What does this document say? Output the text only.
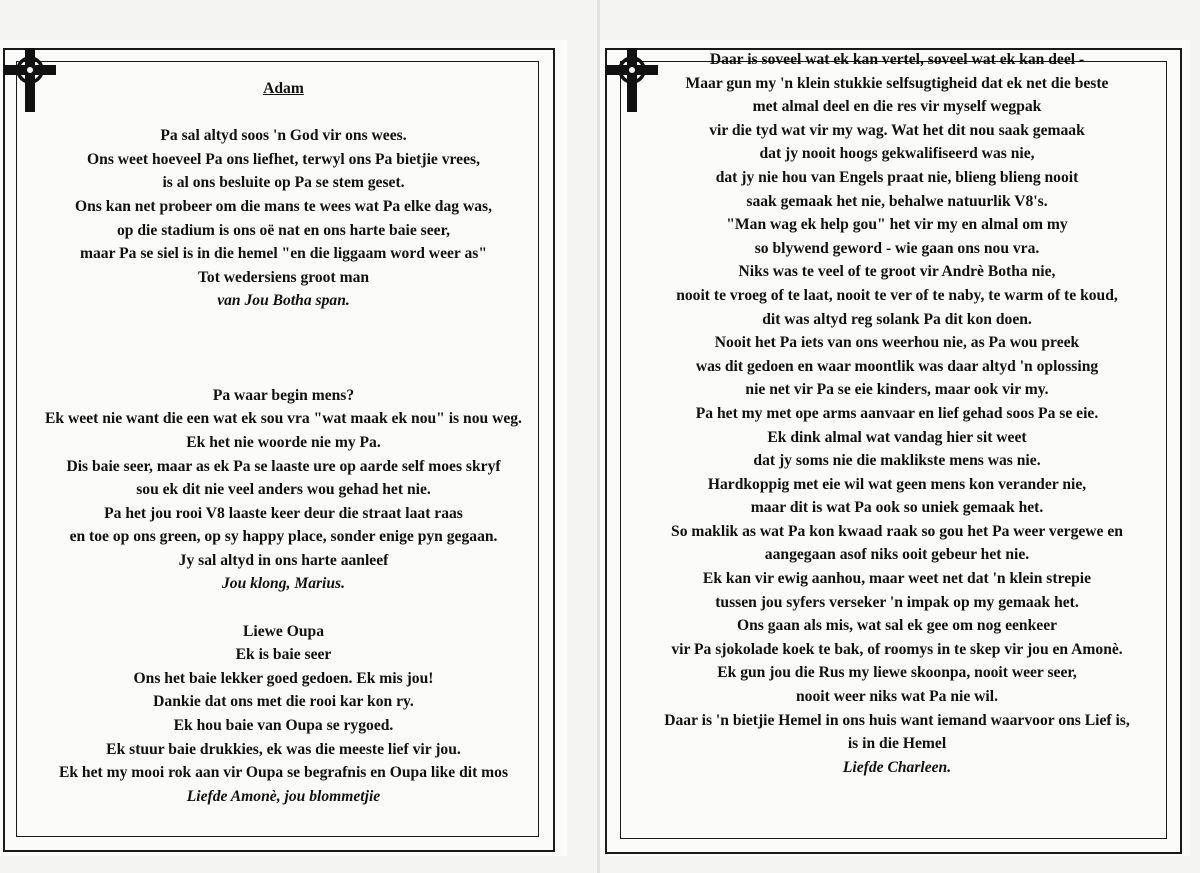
Adam
Pa sal altyd soos 'n God vir ons wees.
Ons weet hoeveel Pa ons liefhet, terwyl ons Pa bietjie vrees,
is al ons besluite op Pa se stem geset.
Ons kan net probeer om die mans te wees wat Pa elke dag was,
op die stadium is ons oë nat en ons harte baie seer,
maar Pa se siel is in die hemel "en die liggaam word weer as"
Tot wedersiens groot man
van Jou Botha span.
Pa waar begin mens?
Ek weet nie want die een wat ek sou vra "wat maak ek nou" is nou weg.
Ek het nie woorde nie my Pa.
Dis baie seer, maar as ek Pa se laaste ure op aarde self moes skryf
sou ek dit nie veel anders wou gehad het nie.
Pa het jou rooi V8 laaste keer deur die straat laat raas
en toe op ons green, op sy happy place, sonder enige pyn gegaan.
Jy sal altyd in ons harte aanleef
Jou klong, Marius.
Liewe Oupa
Ek is baie seer
Ons het baie lekker goed gedoen. Ek mis jou!
Dankie dat ons met die rooi kar kon ry.
Ek hou baie van Oupa se rygoed.
Ek stuur baie drukkies, ek was die meeste lief vir jou.
Ek het my mooi rok aan vir Oupa se begrafnis en Oupa like dit mos
Liefde Amonè, jou blommetjie
Daar is soveel wat ek kan vertel, soveel wat ek kan deel -
Maar gun my 'n klein stukkie selfsugtigheid dat ek net die beste
met almal deel en die res vir myself wegpak
vir die tyd wat vir my wag. Wat het dit nou saak gemaak
dat jy nooit hoogs gekwalifiseerd was nie,
dat jy nie hou van Engels praat nie, blieng blieng nooit
saak gemaak het nie, behalwe natuurlik V8's.
"Man wag ek help gou" het vir my en almal om my
so blywend geword - wie gaan ons nou vra.
Niks was te veel of te groot vir Andrè Botha nie,
nooit te vroeg of te laat, nooit te ver of te naby, te warm of te koud,
dit was altyd reg solank Pa dit kon doen.
Nooit het Pa iets van ons weerhou nie, as Pa wou preek
was dit gedoen en waar moontlik was daar altyd 'n oplossing
nie net vir Pa se eie kinders, maar ook vir my.
Pa het my met ope arms aanvaar en lief gehad soos Pa se eie.
Ek dink almal wat vandag hier sit weet
dat jy soms nie die maklikste mens was nie.
Hardkoppig met eie wil wat geen mens kon verander nie,
maar dit is wat Pa ook so uniek gemaak het.
So maklik as wat Pa kon kwaad raak so gou het Pa weer vergewe en
aangegaan asof niks ooit gebeur het nie.
Ek kan vir ewig aanhou, maar weet net dat 'n klein strepie
tussen jou syfers verseker 'n impak op my gemaak het.
Ons gaan als mis, wat sal ek gee om nog eenkeer
vir Pa sjokolade koek te bak, of roomys in te skep vir jou en Amonè.
Ek gun jou die Rus my liewe skoonpa, nooit weer seer,
nooit weer niks wat Pa nie wil.
Daar is 'n bietjie Hemel in ons huis want iemand waarvoor ons Lief is,
is in die Hemel
Liefde Charleen.
